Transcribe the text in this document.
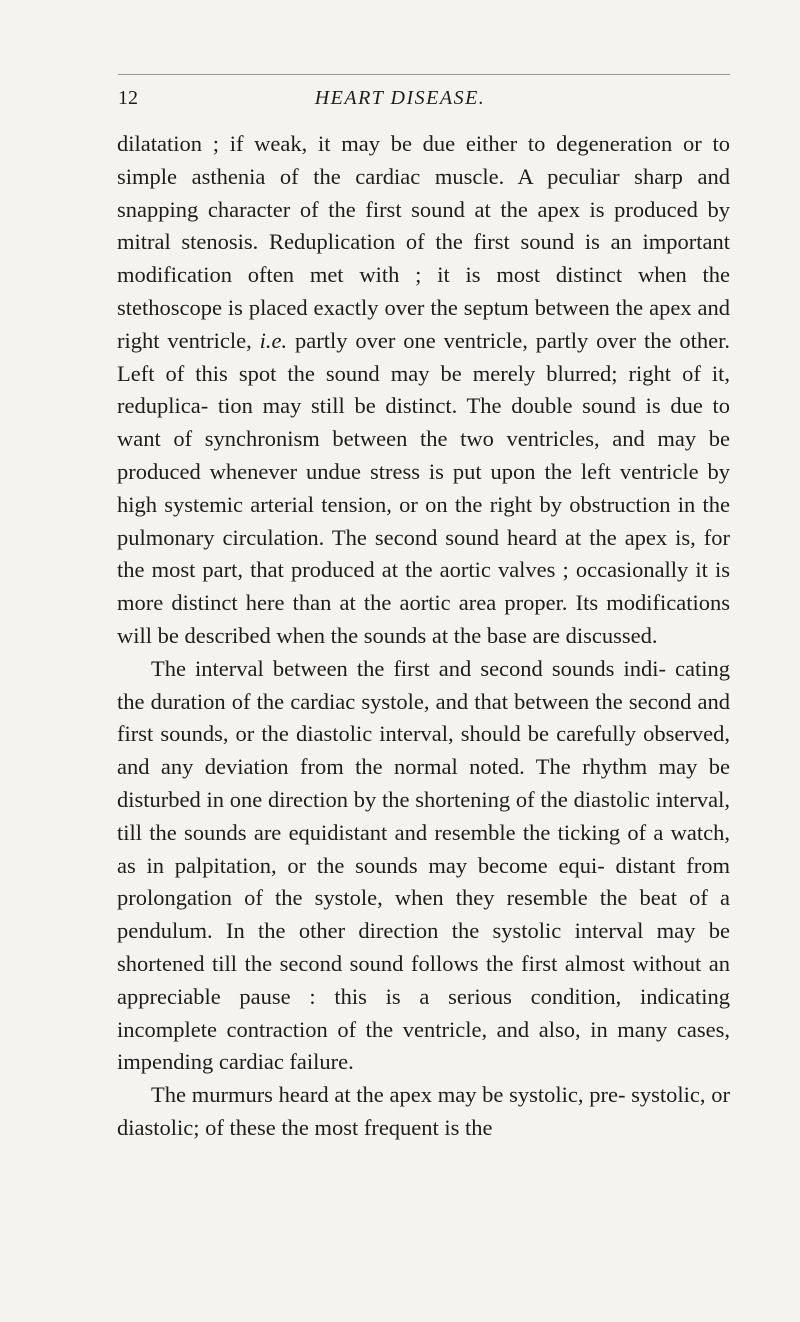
12	HEART DISEASE.

dilatation ; if weak, it may be due either to degeneration or to simple asthenia of the cardiac muscle. A peculiar sharp and snapping character of the first sound at the apex is produced by mitral stenosis. Reduplication of the first sound is an important modification often met with ; it is most distinct when the stethoscope is placed exactly over the septum between the apex and right ventricle, i.e. partly over one ventricle, partly over the other. Left of this spot the sound may be merely blurred; right of it, reduplica- tion may still be distinct. The double sound is due to want of synchronism between the two ventricles, and may be produced whenever undue stress is put upon the left ventricle by high systemic arterial tension, or on the right by obstruction in the pulmonary circulation. The second sound heard at the apex is, for the most part, that produced at the aortic valves ; occasionally it is more distinct here than at the aortic area proper. Its modifications will be described when the sounds at the base are discussed.

The interval between the first and second sounds indi- cating the duration of the cardiac systole, and that between the second and first sounds, or the diastolic interval, should be carefully observed, and any deviation from the normal noted. The rhythm may be disturbed in one direction by the shortening of the diastolic interval, till the sounds are equidistant and resemble the ticking of a watch, as in palpitation, or the sounds may become equi- distant from prolongation of the systole, when they resemble the beat of a pendulum. In the other direction the systolic interval may be shortened till the second sound follows the first almost without an appreciable pause : this is a serious condition, indicating incomplete contraction of the ventricle, and also, in many cases, impending cardiac failure.

The murmurs heard at the apex may be systolic, pre- systolic, or diastolic; of these the most frequent is the
